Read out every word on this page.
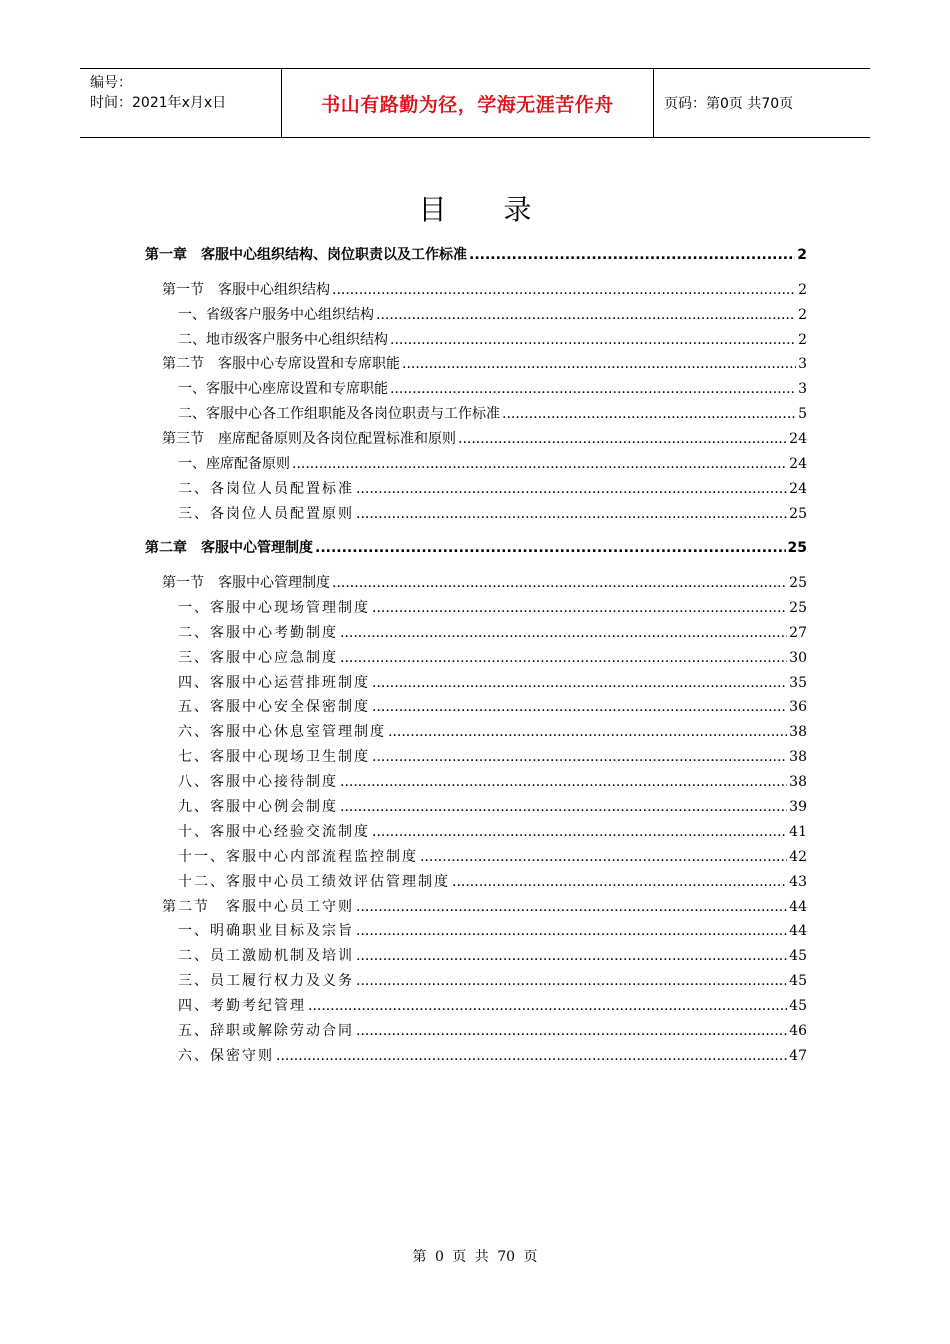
编号：
时间：2021年x月x日	书山有路勤为径，学海无涯苦作舟	页码：第0页 共70页
目 录
第一章　客服中心组织结构、岗位职责以及工作标准 .....	2
第一节　客服中心组织结构 .....	2
一、省级客户服务中心组织结构 .....	2
二、地市级客户服务中心组织结构 .....	2
第二节　客服中心专席设置和专席职能 .....	3
一、客服中心座席设置和专席职能 .....	3
二、客服中心各工作组职能及各岗位职责与工作标准 .....	5
第三节　座席配备原则及各岗位配置标准和原则 .....	24
一、座席配备原则 .....	24
二、各岗位人员配置标准 .....	24
三、各岗位人员配置原则 .....	25
第二章　客服中心管理制度 .....	25
第一节　客服中心管理制度 .....	25
一、客服中心现场管理制度 .....	25
二、客服中心考勤制度 .....	27
三、客服中心应急制度 .....	30
四、客服中心运营排班制度 .....	35
五、客服中心安全保密制度 .....	36
六、客服中心休息室管理制度 .....	38
七、客服中心现场卫生制度 .....	38
八、客服中心接待制度 .....	38
九、客服中心例会制度 .....	39
十、客服中心经验交流制度 .....	41
十一、客服中心内部流程监控制度 .....	42
十二、客服中心员工绩效评估管理制度 .....	43
第二节　客服中心员工守则 .....	44
一、明确职业目标及宗旨 .....	44
二、员工激励机制及培训 .....	45
三、员工履行权力及义务 .....	45
四、考勤考纪管理 .....	45
五、辞职或解除劳动合同 .....	46
六、保密守则 .....	47
第 0 页 共 70 页
